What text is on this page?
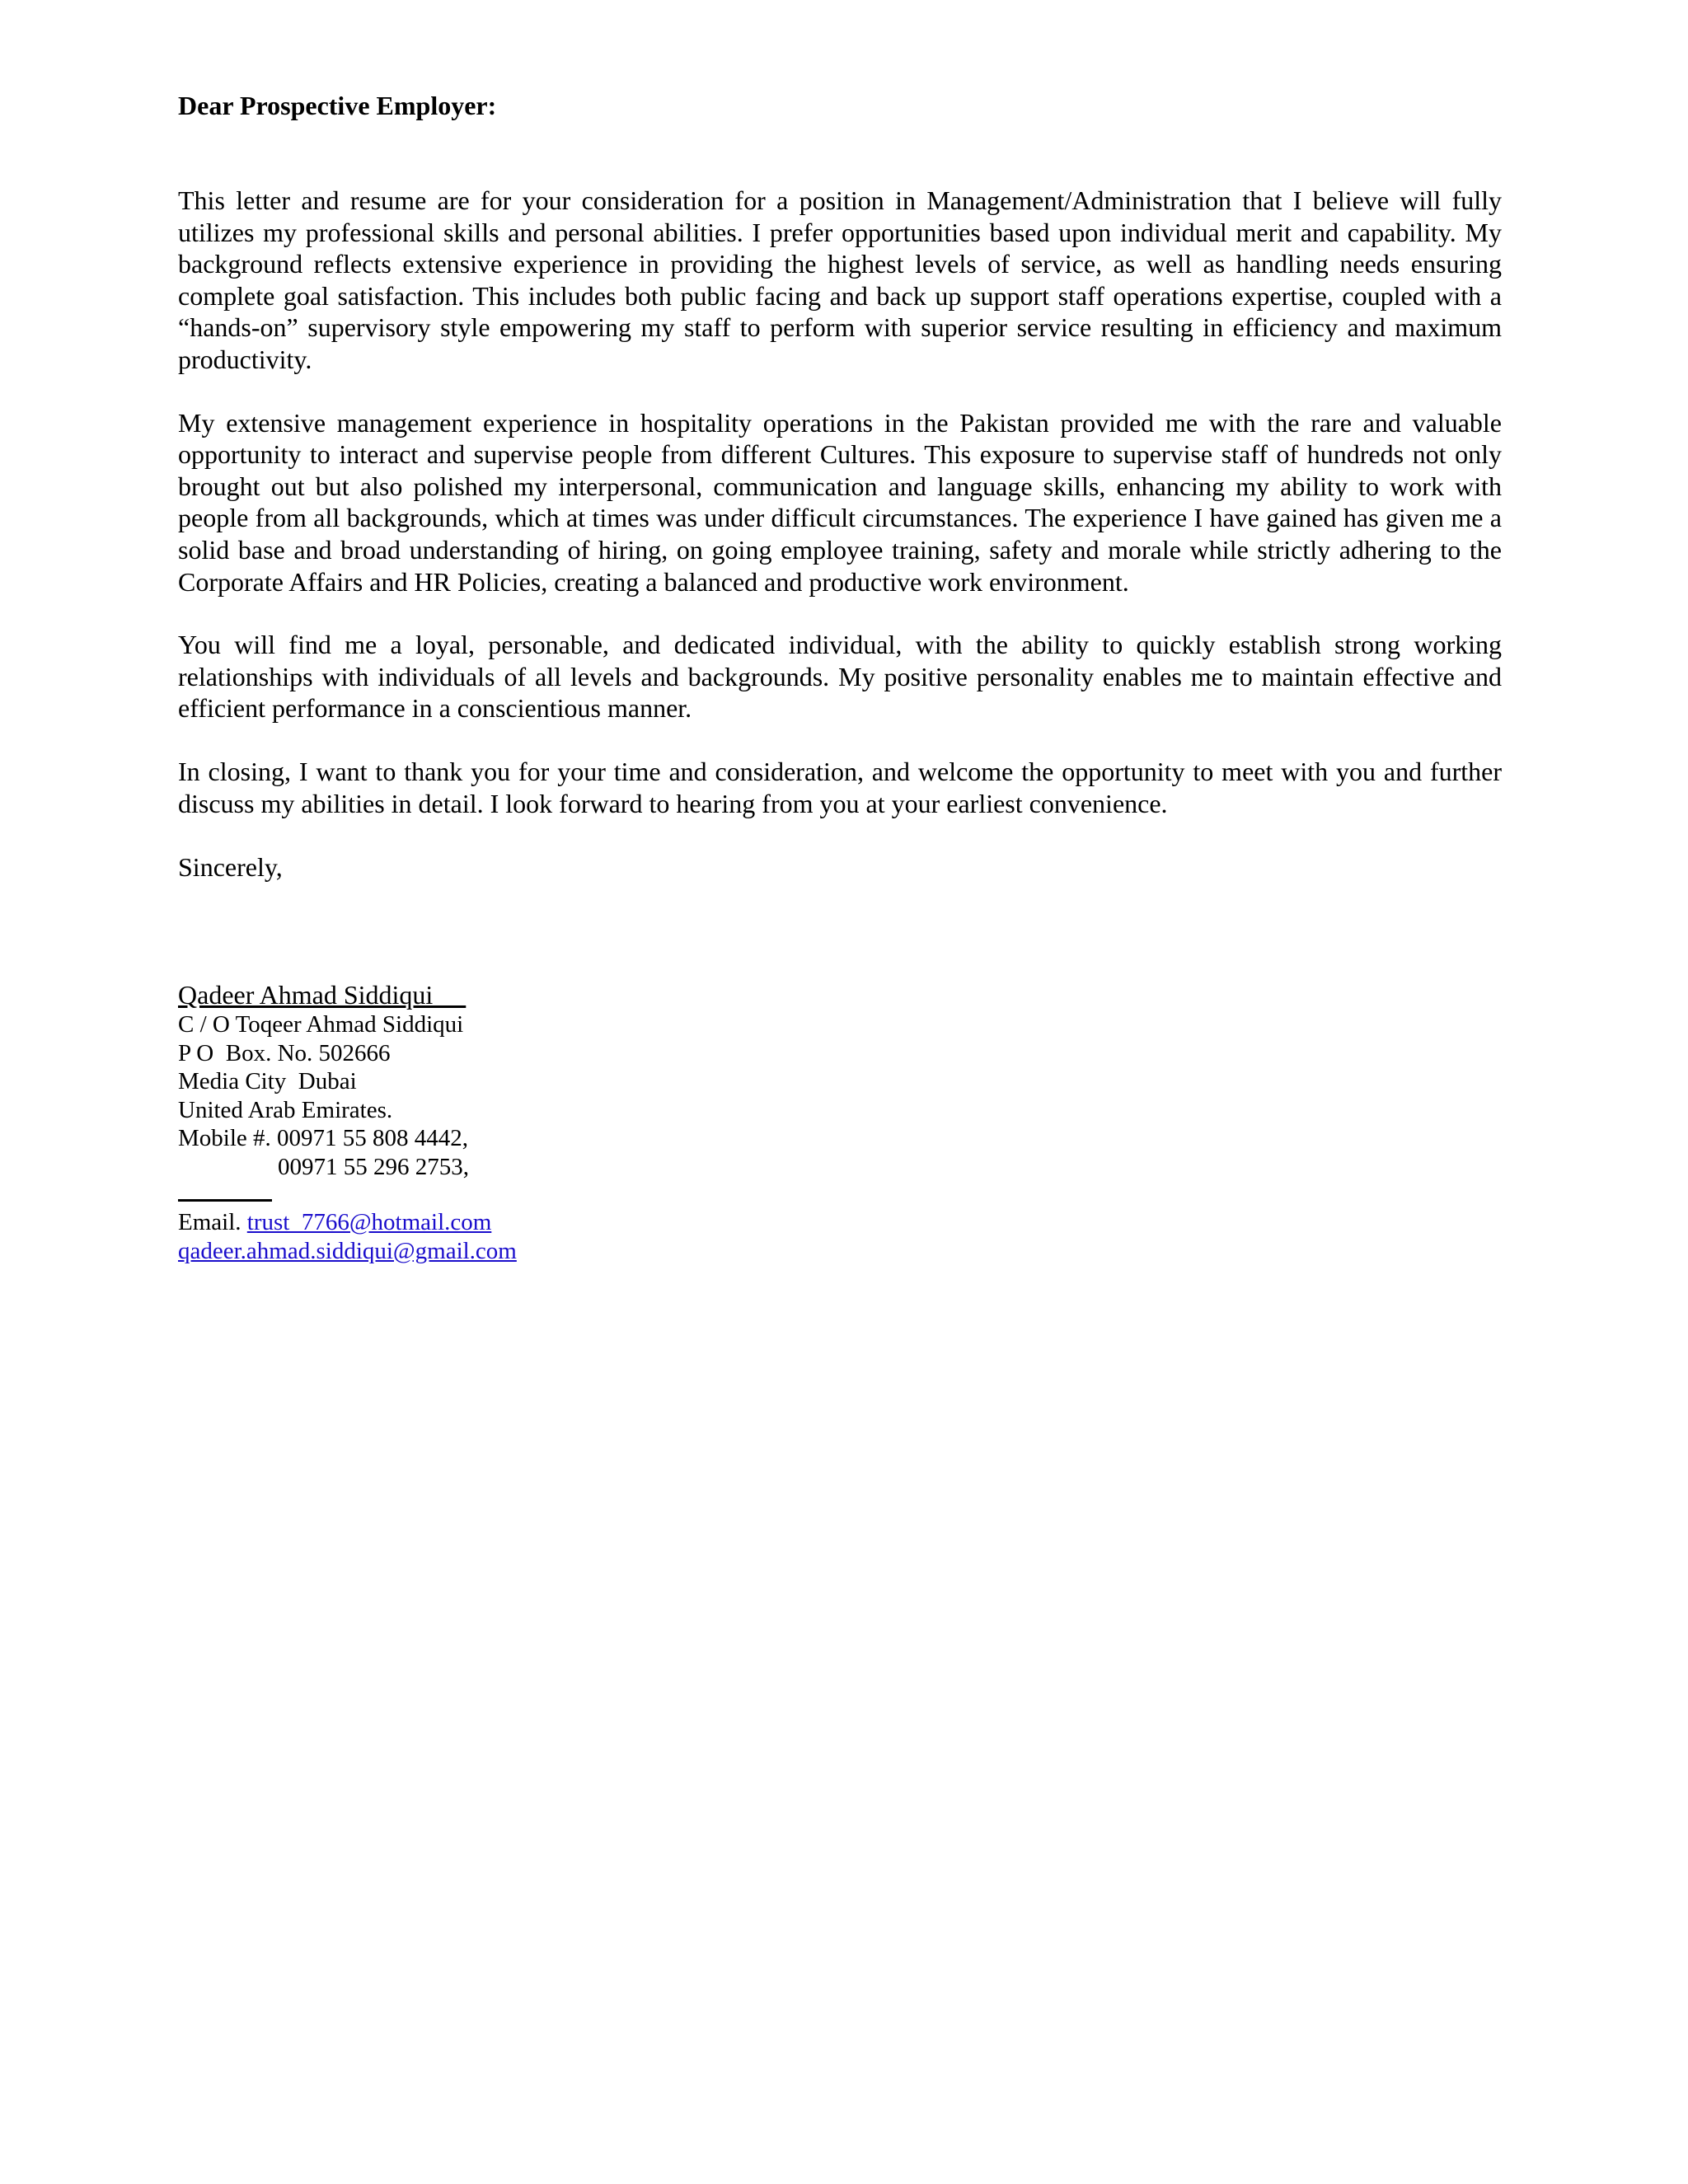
Dear Prospective Employer:

This letter and resume are for your consideration for a position in Management/Administration that I believe will fully utilizes my professional skills and personal abilities. I prefer opportunities based upon individual merit and capability. My background reflects extensive experience in providing the highest levels of service, as well as handling needs ensuring complete goal satisfaction. This includes both public facing and back up support staff operations expertise, coupled with a “hands-on” supervisory style empowering my staff to perform with superior service resulting in efficiency and maximum productivity.

My extensive management experience in hospitality operations in the Pakistan provided me with the rare and valuable opportunity to interact and supervise people from different Cultures. This exposure to supervise staff of hundreds not only brought out but also polished my interpersonal, communication and language skills, enhancing my ability to work with people from all backgrounds, which at times was under difficult circumstances. The experience I have gained has given me a solid base and broad understanding of hiring, on going employee training, safety and morale while strictly adhering to the Corporate Affairs and HR Policies, creating a balanced and productive work environment.

You will find me a loyal, personable, and dedicated individual, with the ability to quickly establish strong working relationships with individuals of all levels and backgrounds. My positive personality enables me to maintain effective and efficient performance in a conscientious manner.

In closing, I want to thank you for your time and consideration, and welcome the opportunity to meet with you and further discuss my abilities in detail. I look forward to hearing from you at your earliest convenience.

Sincerely,

Qadeer Ahmad Siddiqui
C / O Toqeer Ahmad Siddiqui
P O  Box. No. 502666
Media City  Dubai
United Arab Emirates.
Mobile #. 00971 55 808 4442,
00971 55 296 2753,
Email. trust_7766@hotmail.com
qadeer.ahmad.siddiqui@gmail.com
